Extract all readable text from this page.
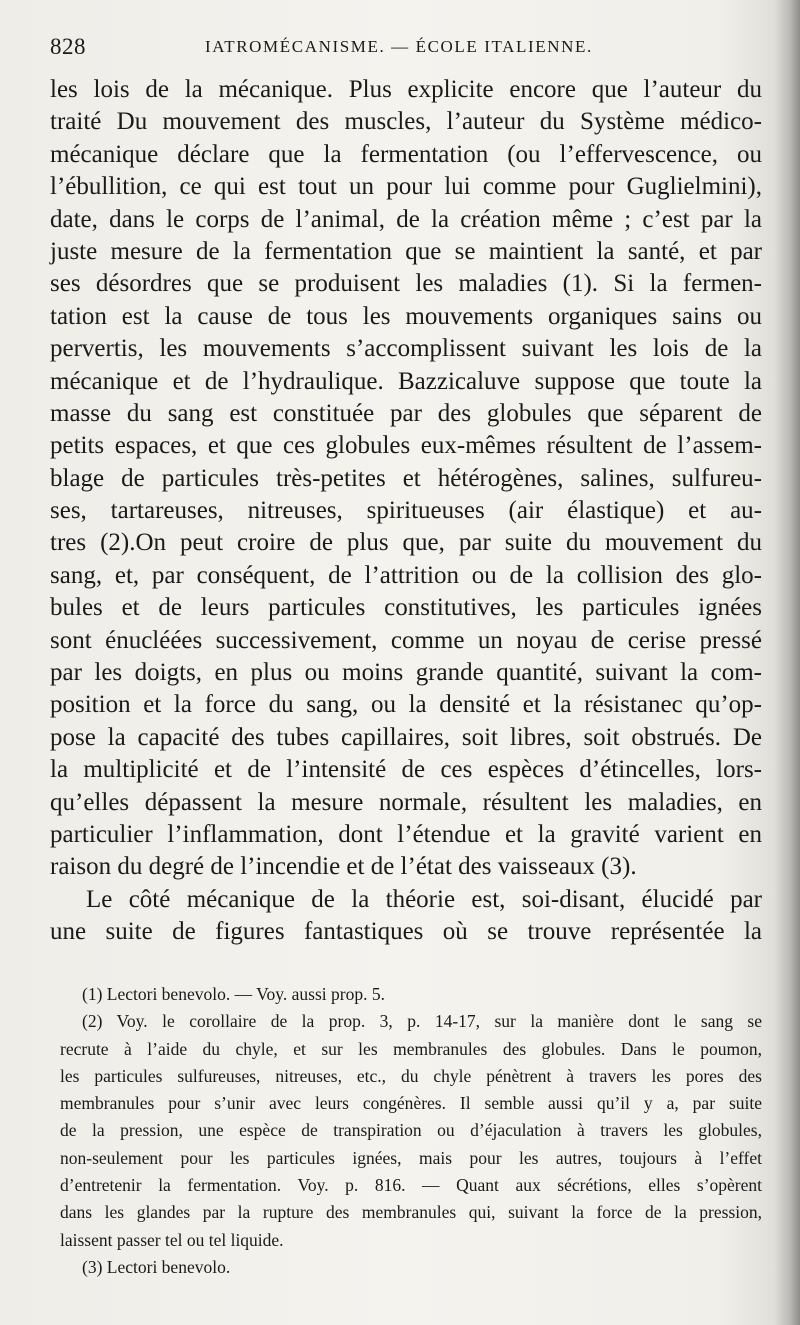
828	IATROMÉCANISME. — ÉCOLE ITALIENNE.
les lois de la mécanique. Plus explicite encore que l’auteur du
traité Du mouvement des muscles, l’auteur du Système médico-
mécanique déclare que la fermentation (ou l’effervescence, ou
l’ébullition, ce qui est tout un pour lui comme pour Guglielmini),
date, dans le corps de l’animal, de la création même ; c’est par la
juste mesure de la fermentation que se maintient la santé, et par
ses désordres que se produisent les maladies (1). Si la fermen-
tation est la cause de tous les mouvements organiques sains ou
pervertis, les mouvements s’accomplissent suivant les lois de la
mécanique et de l’hydraulique. Bazzicaluve suppose que toute la
masse du sang est constituée par des globules que séparent de
petits espaces, et que ces globules eux-mêmes résultent de l’assem-
blage de particules très-petites et hétérogènes, salines, sulfureu-
ses, tartareuses, nitreuses, spiritueuses (air élastique) et au-
tres (2).On peut croire de plus que, par suite du mouvement du
sang, et, par conséquent, de l’attrition ou de la collision des glo-
bules et de leurs particules constitutives, les particules ignées
sont énucléées successivement, comme un noyau de cerise pressé
par les doigts, en plus ou moins grande quantité, suivant la com-
position et la force du sang, ou la densité et la résistanec qu’op-
pose la capacité des tubes capillaires, soit libres, soit obstrués. De
la multiplicité et de l’intensité de ces espèces d’étincelles, lors-
qu’elles dépassent la mesure normale, résultent les maladies, en
particulier l’inflammation, dont l’étendue et la gravité varient en
raison du degré de l’incendie et de l’état des vaisseaux (3).
Le côté mécanique de la théorie est, soi-disant, élucidé par
une suite de figures fantastiques où se trouve représentée la
(1) Lectori benevolo. — Voy. aussi prop. 5.
(2) Voy. le corollaire de la prop. 3, p. 14-17, sur la manière dont le sang se
recrute à l’aide du chyle, et sur les membranules des globules. Dans le poumon,
les particules sulfureuses, nitreuses, etc., du chyle pénètrent à travers les pores des
membranules pour s’unir avec leurs congénères. Il semble aussi qu’il y a, par suite
de la pression, une espèce de transpiration ou d’éjaculation à travers les globules,
non-seulement pour les particules ignées, mais pour les autres, toujours à l’effet
d’entretenir la fermentation. Voy. p. 816. — Quant aux sécrétions, elles s’opèrent
dans les glandes par la rupture des membranules qui, suivant la force de la pression,
laissent passer tel ou tel liquide.
(3) Lectori benevolo.
